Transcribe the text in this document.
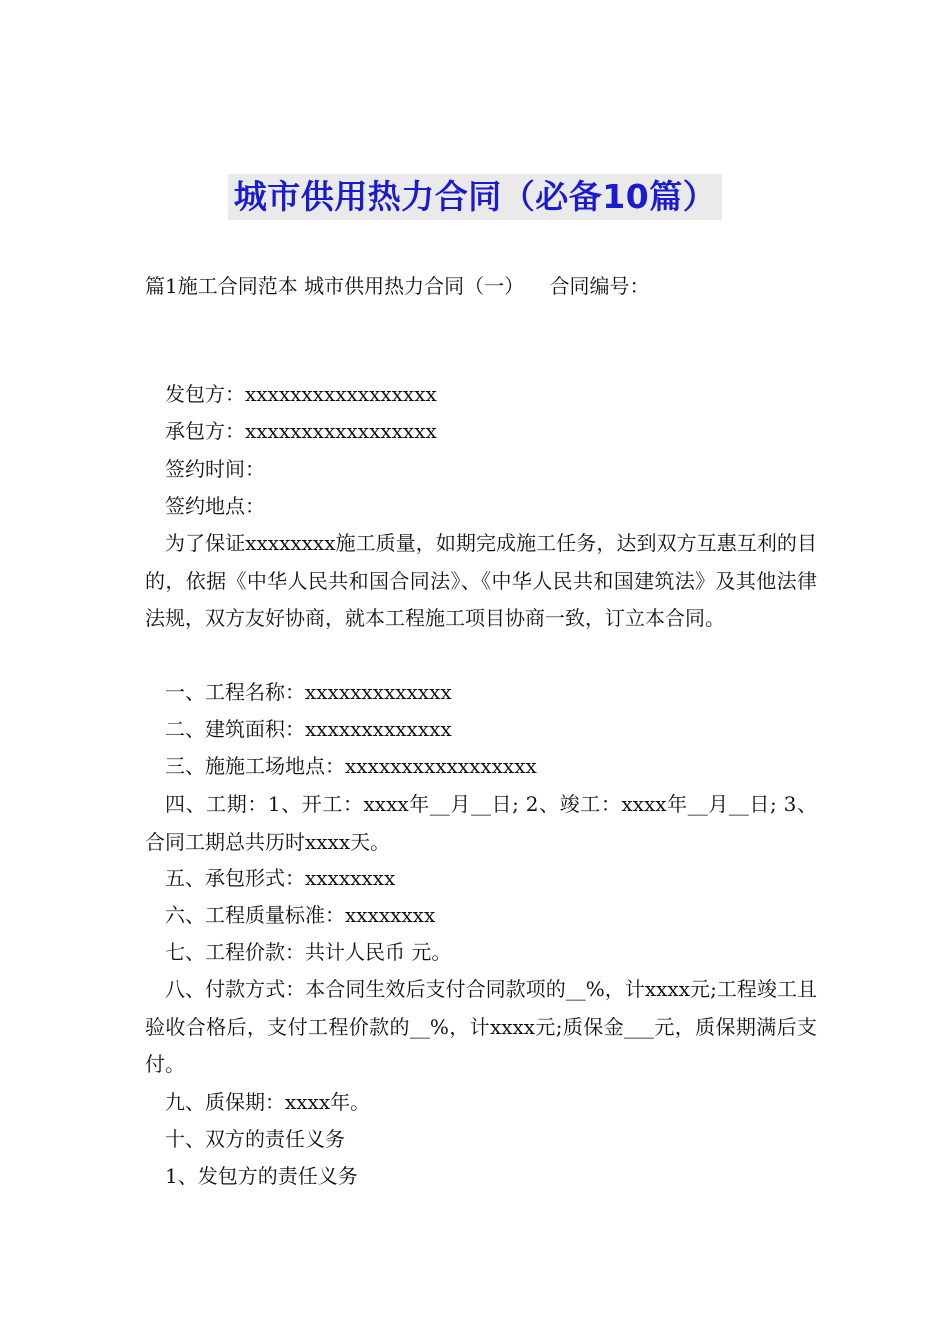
城市供用热力合同（必备10篇）
篇1施工合同范本 城市供用热力合同（一）    合同编号：
发包方：xxxxxxxxxxxxxxxxx
承包方：xxxxxxxxxxxxxxxxx
签约时间：
签约地点：
为了保证xxxxxxxx施工质量，如期完成施工任务，达到双方互惠互利的目的，依据《中华人民共和国合同法》、《中华人民共和国建筑法》及其他法律法规，双方友好协商，就本工程施工项目协商一致，订立本合同。
一、工程名称：xxxxxxxxxxxxx
二、建筑面积：xxxxxxxxxxxxx
三、施施工场地点：xxxxxxxxxxxxxxxxx
四、工期：1、开工：xxxx年__月__日; 2、竣工：xxxx年__月__日; 3、合同工期总共历时xxxx天。
五、承包形式：xxxxxxxx
六、工程质量标准：xxxxxxxx
七、工程价款：共计人民币 元。
八、付款方式：本合同生效后支付合同款项的__%，计xxxx元;工程竣工且验收合格后，支付工程价款的__%，计xxxx元;质保金___元，质保期满后支付。
九、质保期：xxxx年。
十、双方的责任义务
1、发包方的责任义务
